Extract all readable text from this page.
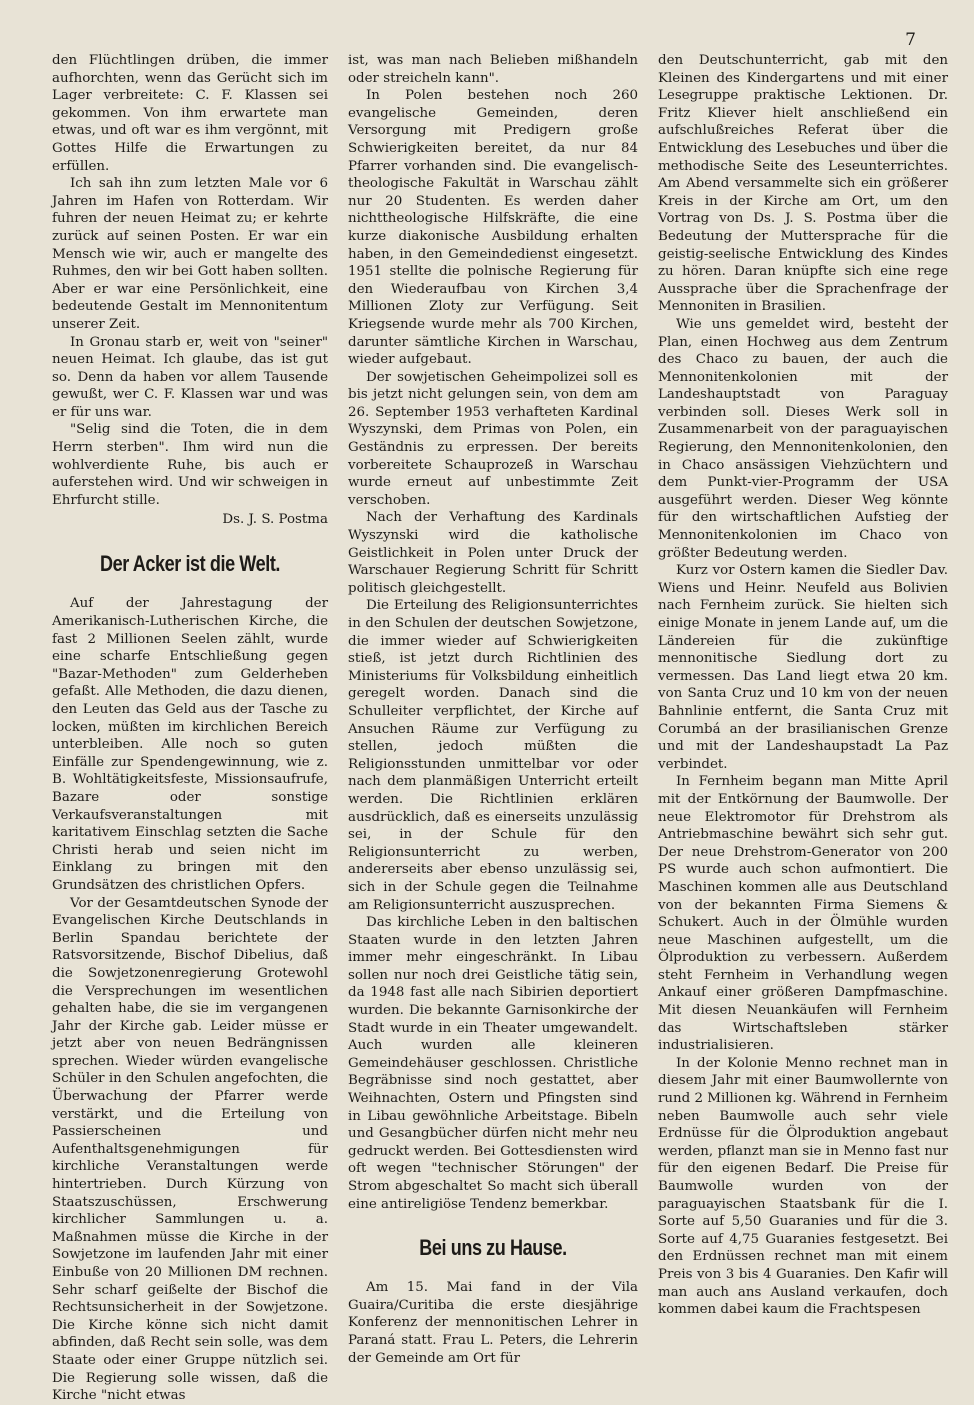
7

den Flüchtlingen drüben, die immer aufhorchten, wenn das Gerücht sich im Lager verbreitete: C. F. Klassen sei gekommen. Von ihm erwartete man etwas, und oft war es ihm vergönnt, mit Gottes Hilfe die Erwartungen zu erfüllen.

Ich sah ihn zum letzten Male vor 6 Jahren im Hafen von Rotterdam. Wir fuhren der neuen Heimat zu; er kehrte zurück auf seinen Posten. Er war ein Mensch wie wir, auch er mangelte des Ruhmes, den wir bei Gott haben sollten. Aber er war eine Persönlichkeit, eine bedeutende Gestalt im Mennonitentum unserer Zeit.

In Gronau starb er, weit von "seiner" neuen Heimat. Ich glaube, das ist gut so. Denn da haben vor allem Tausende gewußt, wer C. F. Klassen war und was er für uns war.

"Selig sind die Toten, die in dem Herrn sterben". Ihm wird nun die wohlverdiente Ruhe, bis auch er auferstehen wird. Und wir schweigen in Ehrfurcht stille.

Ds. J. S. Postma
Der Acker ist die Welt.

Auf der Jahrestagung der Amerikanisch-Lutherischen Kirche, die fast 2 Millionen Seelen zählt, wurde eine scharfe Entschließung gegen "Bazar-Methoden" zum Gelderheben gefaßt. Alle Methoden, die dazu dienen, den Leuten das Geld aus der Tasche zu locken, müßten im kirchlichen Bereich unterbleiben. Alle noch so guten Einfälle zur Spendengewinnung, wie z. B. Wohltätigkeitsfeste, Missionsaufrufe, Bazare oder sonstige Verkaufsveranstaltungen mit karitativem Einschlag setzten die Sache Christi herab und seien nicht im Einklang zu bringen mit den Grundsätzen des christlichen Opfers.

Vor der Gesamtdeutschen Synode der Evangelischen Kirche Deutschlands in Berlin Spandau berichtete der Ratsvorsitzende, Bischof Dibelius, daß die Sowjetzonenregierung Grotewohl die Versprechungen im wesentlichen gehalten habe, die sie im vergangenen Jahr der Kirche gab. Leider müsse er jetzt aber von neuen Bedrängnissen sprechen. Wieder würden evangelische Schüler in den Schulen angefochten, die Überwachung der Pfarrer werde verstärkt, und die Erteilung von Passierscheinen und Aufenthaltsgenehmigungen für kirchliche Veranstaltungen werde hintertrieben. Durch Kürzung von Staatszuschüssen, Erschwerung kirchlicher Sammlungen u. a. Maßnahmen müsse die Kirche in der Sowjetzone im laufenden Jahr mit einer Einbuße von 20 Millionen DM rechnen. Sehr scharf geißelte der Bischof die Rechtsunsicherheit in der Sowjetzone. Die Kirche könne sich nicht damit abfinden, daß Recht sein solle, was dem Staate oder einer Gruppe nützlich sei. Die Regierung solle wissen, daß die Kirche "nicht etwas

ist, was man nach Belieben mißhandeln oder streicheln kann".

In Polen bestehen noch 260 evangelische Gemeinden, deren Versorgung mit Predigern große Schwierigkeiten bereitet, da nur 84 Pfarrer vorhanden sind. Die evangelisch-theologische Fakultät in Warschau zählt nur 20 Studenten. Es werden daher nichttheologische Hilfskräfte, die eine kurze diakonische Ausbildung erhalten haben, in den Gemeindedienst eingesetzt. 1951 stellte die polnische Regierung für den Wiederaufbau von Kirchen 3,4 Millionen Zloty zur Verfügung. Seit Kriegsende wurde mehr als 700 Kirchen, darunter sämtliche Kirchen in Warschau, wieder aufgebaut.

Der sowjetischen Geheimpolizei soll es bis jetzt nicht gelungen sein, von dem am 26. September 1953 verhafteten Kardinal Wyszynski, dem Primas von Polen, ein Geständnis zu erpressen. Der bereits vorbereitete Schauprozeß in Warschau wurde erneut auf unbestimmte Zeit verschoben.

Nach der Verhaftung des Kardinals Wyszynski wird die katholische Geistlichkeit in Polen unter Druck der Warschauer Regierung Schritt für Schritt politisch gleichgestellt.

Die Erteilung des Religionsunterrichtes in den Schulen der deutschen Sowjetzone, die immer wieder auf Schwierigkeiten stieß, ist jetzt durch Richtlinien des Ministeriums für Volksbildung einheitlich geregelt worden. Danach sind die Schulleiter verpflichtet, der Kirche auf Ansuchen Räume zur Verfügung zu stellen, jedoch müßten die Religionsstunden unmittelbar vor oder nach dem planmäßigen Unterricht erteilt werden. Die Richtlinien erklären ausdrücklich, daß es einerseits unzulässig sei, in der Schule für den Religionsunterricht zu werben, andererseits aber ebenso unzulässig sei, sich in der Schule gegen die Teilnahme am Religionsunterricht auszusprechen.

Das kirchliche Leben in den baltischen Staaten wurde in den letzten Jahren immer mehr eingeschränkt. In Libau sollen nur noch drei Geistliche tätig sein, da 1948 fast alle nach Sibirien deportiert wurden. Die bekannte Garnisonkirche der Stadt wurde in ein Theater umgewandelt. Auch wurden alle kleineren Gemeindehäuser geschlossen. Christliche Begräbnisse sind noch gestattet, aber Weihnachten, Ostern und Pfingsten sind in Libau gewöhnliche Arbeitstage. Bibeln und Gesangbücher dürfen nicht mehr neu gedruckt werden. Bei Gottesdiensten wird oft wegen "technischer Störungen" der Strom abgeschaltet So macht sich überall eine antireligiöse Tendenz bemerkbar.

Bei uns zu Hause.

Am 15. Mai fand in der Vila Guaira/Curitiba die erste diesjährige Konferenz der mennonitischen Lehrer in Paraná statt. Frau L. Peters, die Lehrerin der Gemeinde am Ort für

den Deutschunterricht, gab mit den Kleinen des Kindergartens und mit einer Lesegruppe praktische Lektionen. Dr. Fritz Kliever hielt anschließend ein aufschlußreiches Referat über die Entwicklung des Lesebuches und über die methodische Seite des Leseunterrichtes. Am Abend versammelte sich ein größerer Kreis in der Kirche am Ort, um den Vortrag von Ds. J. S. Postma über die Bedeutung der Muttersprache für die geistig-seelische Entwicklung des Kindes zu hören. Daran knüpfte sich eine rege Aussprache über die Sprachenfrage der Mennoniten in Brasilien.

Wie uns gemeldet wird, besteht der Plan, einen Hochweg aus dem Zentrum des Chaco zu bauen, der auch die Mennonitenkolonien mit der Landeshauptstadt von Paraguay verbinden soll. Dieses Werk soll in Zusammenarbeit von der paraguayischen Regierung, den Mennonitenkolonien, den in Chaco ansässigen Viehzüchtern und dem Punkt-vier-Programm der USA ausgeführt werden. Dieser Weg könnte für den wirtschaftlichen Aufstieg der Mennonitenkolonien im Chaco von größter Bedeutung werden.

Kurz vor Ostern kamen die Siedler Dav. Wiens und Heinr. Neufeld aus Bolivien nach Fernheim zurück. Sie hielten sich einige Monate in jenem Lande auf, um die Ländereien für die zukünftige mennonitische Siedlung dort zu vermessen. Das Land liegt etwa 20 km. von Santa Cruz und 10 km von der neuen Bahnlinie entfernt, die Santa Cruz mit Corumbá an der brasilianischen Grenze und mit der Landeshaupstadt La Paz verbindet.

In Fernheim begann man Mitte April mit der Entkörnung der Baumwolle. Der neue Elektromotor für Drehstrom als Antriebmaschine bewährt sich sehr gut. Der neue Drehstrom-Generator von 200 PS wurde auch schon aufmontiert. Die Maschinen kommen alle aus Deutschland von der bekannten Firma Siemens & Schukert. Auch in der Ölmühle wurden neue Maschinen aufgestellt, um die Ölproduktion zu verbessern. Außerdem steht Fernheim in Verhandlung wegen Ankauf einer größeren Dampfmaschine. Mit diesen Neuankäufen will Fernheim das Wirtschaftsleben stärker industrialisieren.

In der Kolonie Menno rechnet man in diesem Jahr mit einer Baumwollernte von rund 2 Millionen kg. Während in Fernheim neben Baumwolle auch sehr viele Erdnüsse für die Ölproduktion angebaut werden, pflanzt man sie in Menno fast nur für den eigenen Bedarf. Die Preise für Baumwolle wurden von der paraguayischen Staatsbank für die I. Sorte auf 5,50 Guaranies und für die 3. Sorte auf 4,75 Guaranies festgesetzt. Bei den Erdnüssen rechnet man mit einem Preis von 3 bis 4 Guaranies. Den Kafir will man auch ans Ausland verkaufen, doch kommen dabei kaum die Frachtspesen
